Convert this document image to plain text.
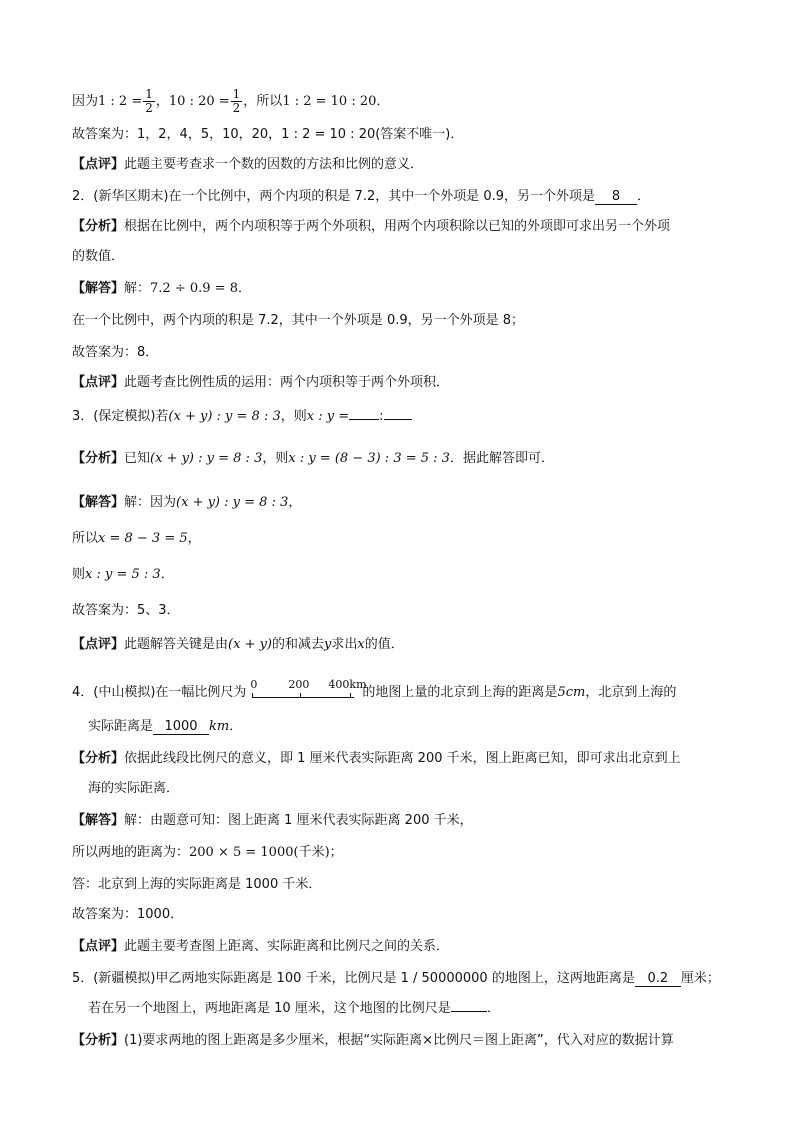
因为1 : $2 = \frac{1}{2}$ ，10 : $20 = \frac{1}{2}$ ，所以1 : 2 = 10 : 20．
故答案为：1，2，4，5，10，20，1 : 2 = 10 : 20(答案不唯一)．
【点评】此题主要考查求一个数的因数的方法和比例的意义．
2．(新华区期末)在一个比例中，两个内项的积是 7.2，其中一个外项是 0.9，另一个外项是 8 ．
【分析】根据在比例中，两个内项积等于两个外项积，用两个内项积除以已知的外项即可求出另一个外项
的数值．
【解答】解：7.2 ÷ 0.9 = 8．
在一个比例中，两个内项的积是 7.2，其中一个外项是 0.9，另一个外项是 8；
故答案为：8．
【点评】此题考查比例性质的运用：两个内项积等于两个外项积．
3．(保定模拟)若(x + y) : y = 8 : 3，则x : y = :
【分析】已知(x + y) : y = 8 : 3，则x : y = (8 − 3) : 3 = 5 : 3．据此解答即可．
【解答】解：因为(x + y) : y = 8 : 3，
所以x = 8 − 3 = 5，
则x : y = 5 : 3．
故答案为：5、3．
【点评】此题解答关键是由(x + y)的和减去y求出x的值．
4．(中山模拟)在一幅比例尺为
0	200 400km
的地图上量的北京到上海的距离是5cm，北京到上海的
实际距离是 1000 km．
【分析】依据此线段比例尺的意义，即 1 厘米代表实际距离 200 千米，图上距离已知，即可求出北京到上
海的实际距离．
【解答】解：由题意可知：图上距离 1 厘米代表实际距离 200 千米，
所以两地的距离为：200 × 5 = 1000(千米)；
答：北京到上海的实际距离是 1000 千米．
故答案为：1000．
【点评】此题主要考查图上距离、实际距离和比例尺之间的关系．
5．(新疆模拟)甲乙两地实际距离是 100 千米，比例尺是 1 / 50000000 的地图上，这两地距离是 0.2 厘米；
若在另一个地图上，两地距离是 10 厘米，这个地图的比例尺是	．
【分析】(1)要求两地的图上距离是多少厘米，根据“实际距离×比例尺＝图上距离”，代入对应的数据计算
